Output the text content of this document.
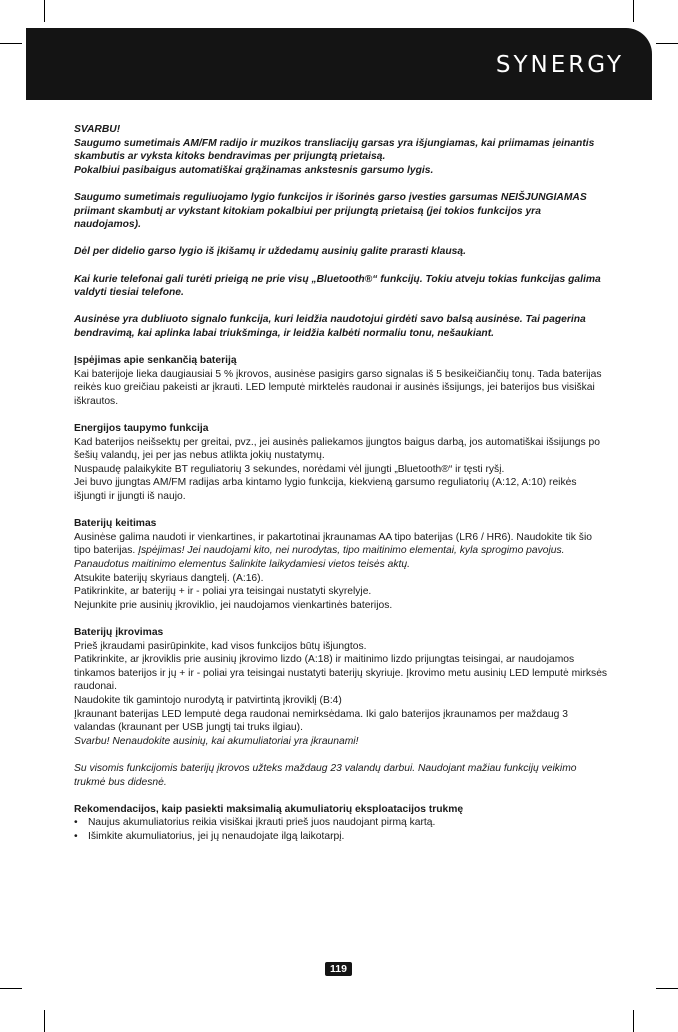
SYNERGY

SVARBU!
Saugumo sumetimais AM/FM radijo ir muzikos transliacijų garsas yra išjungiamas, kai priimamas įeinantis skambutis ar vyksta kitoks bendravimas per prijungtą prietaisą.
Pokalbiui pasibaigus automatiškai grąžinamas ankstesnis garsumo lygis.

Saugumo sumetimais reguliuojamo lygio funkcijos ir išorinės garso įvesties garsumas NEIŠJUNGIAMAS priimant skambutį ar vykstant kitokiam pokalbiui per prijungtą prietaisą (jei tokios funkcijos yra naudojamos).

Dėl per didelio garso lygio iš įkišamų ir uždedamų ausinių galite prarasti klausą.

Kai kurie telefonai gali turėti prieigą ne prie visų „Bluetooth®“ funkcijų. Tokiu atveju tokias funkcijas galima valdyti tiesiai telefone.

Ausinėse yra dubliuoto signalo funkcija, kuri leidžia naudotojui girdėti savo balsą ausinėse. Tai pagerina bendravimą, kai aplinka labai triukšminga, ir leidžia kalbėti normaliu tonu, nešaukiant.

Įspėjimas apie senkančią bateriją
Kai baterijoje lieka daugiausiai 5 % įkrovos, ausinėse pasigirs garso signalas iš 5 besikeičiančių tonų. Tada baterijas reikės kuo greičiau pakeisti ar įkrauti. LED lemputė mirktelės raudonai ir ausinės išsijungs, jei baterijos bus visiškai iškrautos.

Energijos taupymo funkcija
Kad baterijos neišsektų per greitai, pvz., jei ausinės paliekamos įjungtos baigus darbą, jos automatiškai išsijungs po šešių valandų, jei per jas nebus atlikta jokių nustatymų.
Nuspaudę palaikykite BT reguliatorių 3 sekundes, norėdami vėl įjungti „Bluetooth®“ ir tęsti ryšį.
Jei buvo įjungtas AM/FM radijas arba kintamo lygio funkcija, kiekvieną garsumo reguliatorių (A:12, A:10) reikės išjungti ir įjungti iš naujo.

Baterijų keitimas
Ausinėse galima naudoti ir vienkartines, ir pakartotinai įkraunamas AA tipo baterijas (LR6 / HR6). Naudokite tik šio tipo baterijas. Įspėjimas! Jei naudojami kito, nei nurodytas, tipo maitinimo elementai, kyla sprogimo pavojus. Panaudotus maitinimo elementus šalinkite laikydamiesi vietos teisės aktų.
Atsukite baterijų skyriaus dangtelį. (A:16).
Patikrinkite, ar baterijų + ir - poliai yra teisingai nustatyti skyrelyje.
Nejunkite prie ausinių įkroviklio, jei naudojamos vienkartinės baterijos.

Baterijų įkrovimas
Prieš įkraudami pasirūpinkite, kad visos funkcijos būtų išjungtos.
Patikrinkite, ar įkroviklis prie ausinių įkrovimo lizdo (A:18) ir maitinimo lizdo prijungtas teisingai, ar naudojamos tinkamos baterijos ir jų + ir - poliai yra teisingai nustatyti baterijų skyriuje. Įkrovimo metu ausinių LED lemputė mirksės raudonai.
Naudokite tik gamintojo nurodytą ir patvirtintą įkroviklį (B:4)
Įkraunant baterijas LED lemputė dega raudonai nemirksėdama. Iki galo baterijos įkraunamos per maždaug 3 valandas (kraunant per USB jungtį tai truks ilgiau).
Svarbu! Nenaudokite ausinių, kai akumuliatoriai yra įkraunami!

Su visomis funkcijomis baterijų įkrovos užteks maždaug 23 valandų darbui. Naudojant mažiau funkcijų veikimo trukmė bus didesnė.

Rekomendacijos, kaip pasiekti maksimalią akumuliatorių eksploatacijos trukmę
• Naujus akumuliatorius reikia visiškai įkrauti prieš juos naudojant pirmą kartą.
• Išimkite akumuliatorius, jei jų nenaudojate ilgą laikotarpį.
119
